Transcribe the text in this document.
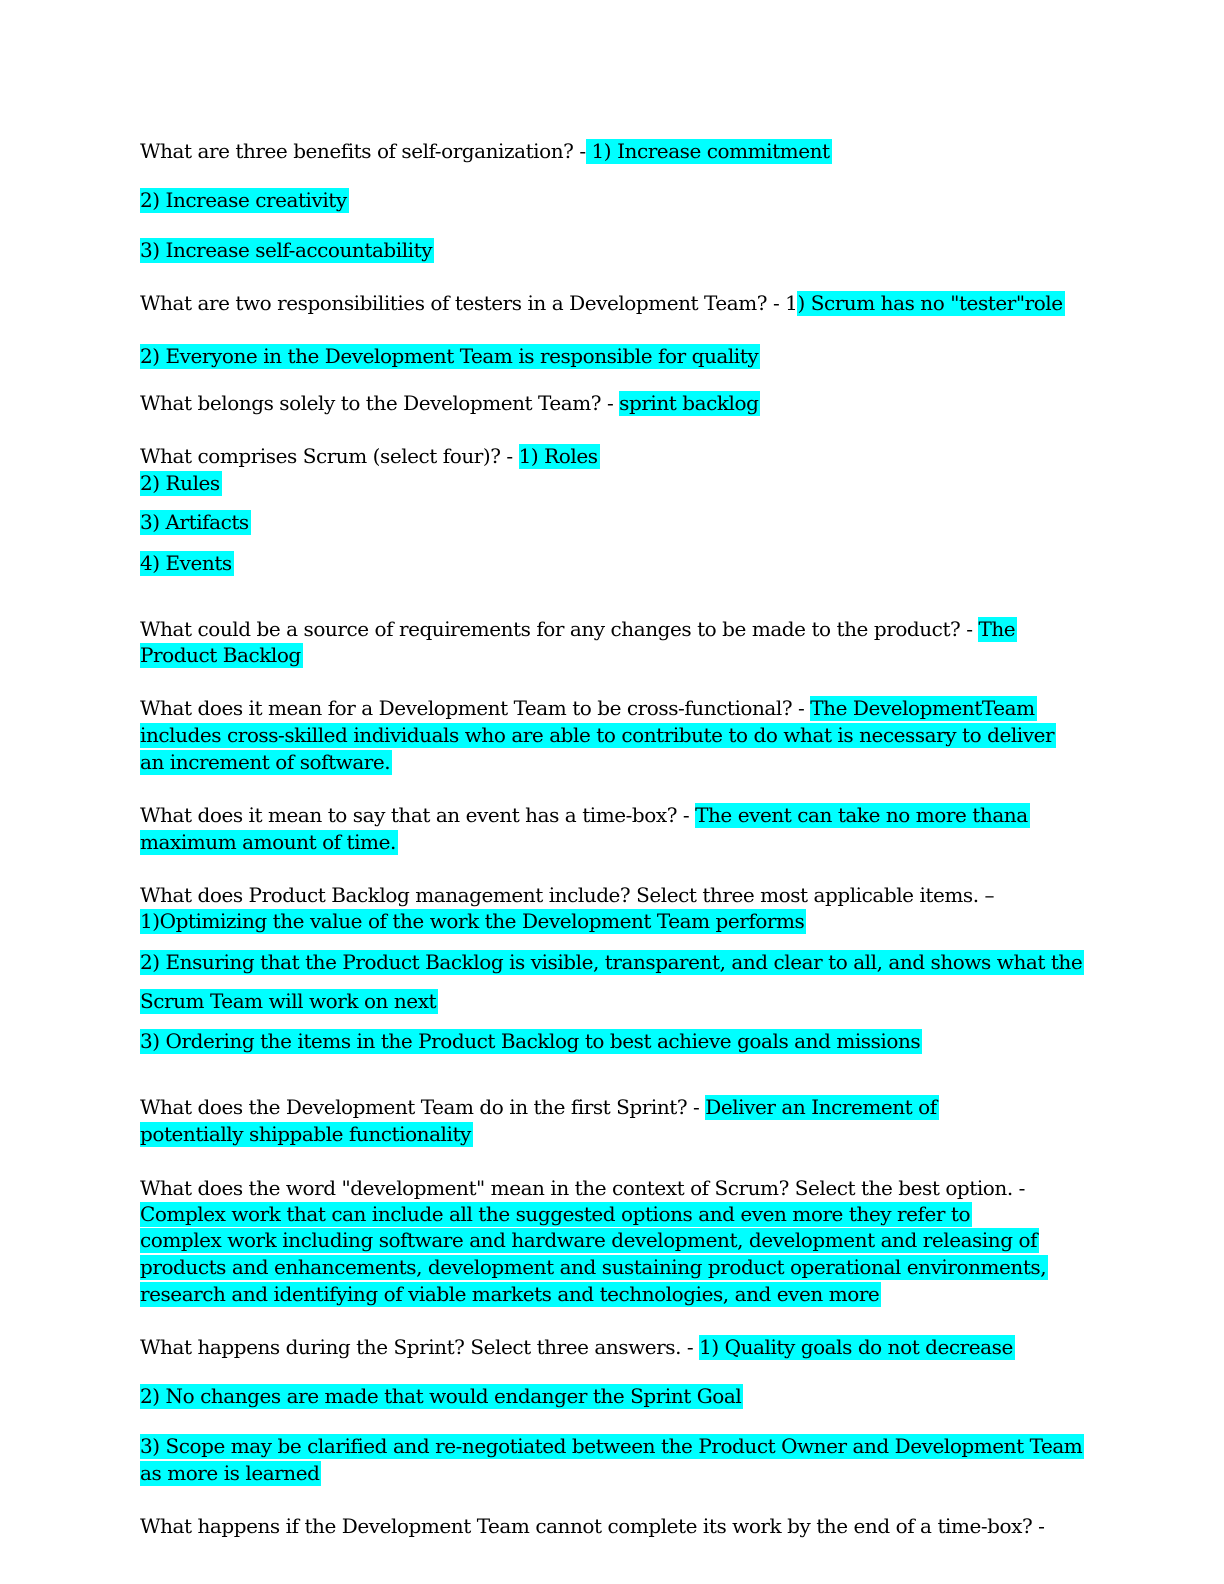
What are three benefits of self-organization? - 1) Increase commitment
2) Increase creativity
3) Increase self-accountability
What are two responsibilities of testers in a Development Team? - 1) Scrum has no "tester"role
2) Everyone in the Development Team is responsible for quality
What belongs solely to the Development Team? - sprint backlog
What comprises Scrum (select four)? - 1) Roles
2) Rules
3) Artifacts
4) Events
What could be a source of requirements for any changes to be made to the product? - The
Product Backlog
What does it mean for a Development Team to be cross-functional? - The DevelopmentTeam
includes cross-skilled individuals who are able to contribute to do what is necessary to deliver
an increment of software.
What does it mean to say that an event has a time-box? - The event can take no more thana
maximum amount of time.
What does Product Backlog management include? Select three most applicable items. –
1)Optimizing the value of the work the Development Team performs
2) Ensuring that the Product Backlog is visible, transparent, and clear to all, and shows what the
Scrum Team will work on next
3) Ordering the items in the Product Backlog to best achieve goals and missions
What does the Development Team do in the first Sprint? - Deliver an Increment of
potentially shippable functionality
What does the word "development" mean in the context of Scrum? Select the best option. -
Complex work that can include all the suggested options and even more they refer to
complex work including software and hardware development, development and releasing of
products and enhancements, development and sustaining product operational environments,
research and identifying of viable markets and technologies, and even more
What happens during the Sprint? Select three answers. - 1) Quality goals do not decrease
2) No changes are made that would endanger the Sprint Goal
3) Scope may be clarified and re-negotiated between the Product Owner and Development Team
as more is learned
What happens if the Development Team cannot complete its work by the end of a time-box? -
